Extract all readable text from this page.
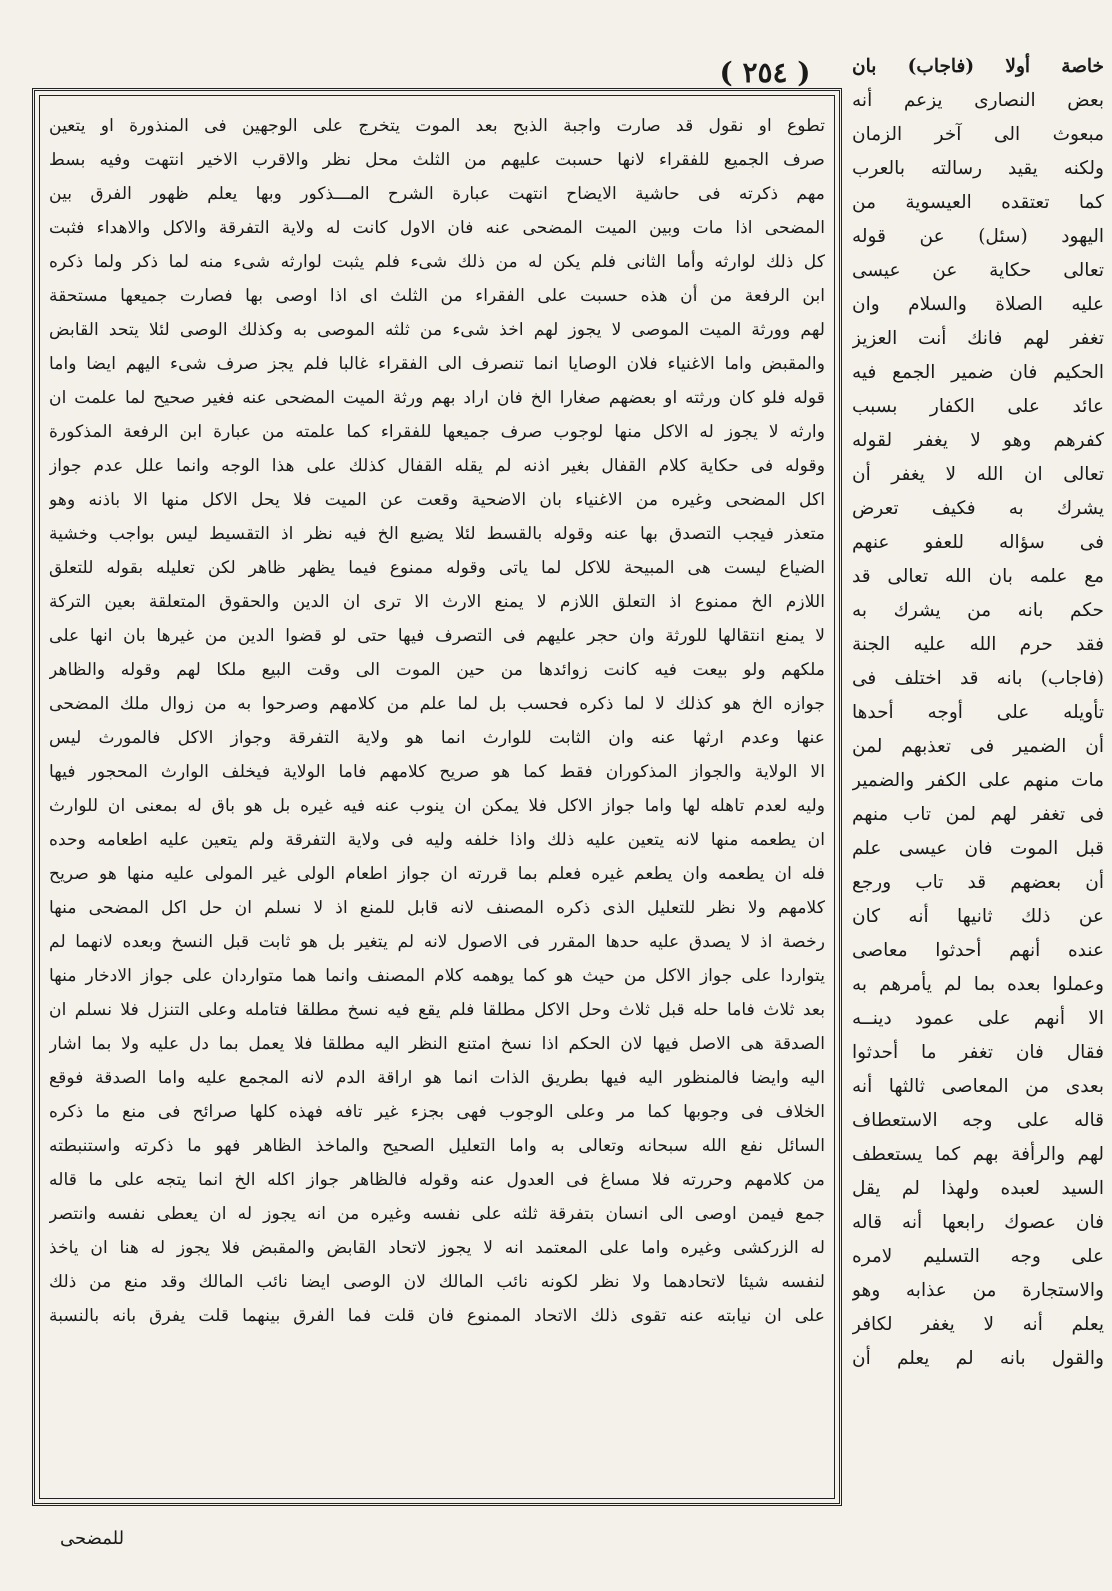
( ٢٥٤ )	خاصة أولا (فاجاب) بان
بعض النصارى يزعم أنه
مبعوث الى آخر الزمان
ولكنه يقيد رسالته بالعرب
كما تعتقده العيسوية من
اليهود (سئل) عن قوله
تعالى حكاية عن عيسى
عليه الصلاة والسلام وان
تغفر لهم فانك أنت العزيز
الحكيم فان ضمير الجمع فيه
عائد على الكفار بسبب
كفرهم وهو لا يغفر لقوله
تعالى ان الله لا يغفر أن
يشرك به فكيف تعرض
فى سؤاله للعفو عنهم
مع علمه بان الله تعالى قد
حكم بانه من يشرك به
فقد حرم الله عليه الجنة
(فاجاب) بانه قد اختلف فى
تأويله على أوجه أحدها
أن الضمير فى تعذبهم لمن
مات منهم على الكفر والضمير
فى تغفر لهم لمن تاب منهم
قبل الموت فان عيسى علم
أن بعضهم قد تاب ورجع
عن ذلك ثانيها أنه كان
عنده أنهم أحدثوا معاصى
وعملوا بعده بما لم يأمرهم به
الا أنهم على عمود دينــه
فقال فان تغفر ما أحدثوا
بعدى من المعاصى ثالثها أنه
قاله على وجه الاستعطاف
لهم والرأفة بهم كما يستعطف
السيد لعبده ولهذا لم يقل
فان عصوك رابعها أنه قاله
على وجه التسليم لامره
والاستجارة من عذابه وهو
يعلم أنه لا يغفر لكافر
والقول بانه لم يعلم أن
تطوع او نقول قد صارت واجبة الذبح بعد الموت يتخرج على الوجهين فى المنذورة او يتعين
صرف الجميع للفقراء لانها حسبت عليهم من الثلث محل نظر والاقرب الاخير انتهت وفيه بسط
مهم ذكرته فى حاشية الايضاح انتهت عبارة الشرح المـــذكور وبها يعلم ظهور الفرق بين
المضحى اذا مات وبين الميت المضحى عنه فان الاول كانت له ولاية التفرقة والاكل والاهداء فثبت
كل ذلك لوارثه وأما الثانى فلم يكن له من ذلك شىء فلم يثبت لوارثه شىء منه لما ذكر ولما ذكره
ابن الرفعة من أن هذه حسبت على الفقراء من الثلث اى اذا اوصى بها فصارت جميعها مستحقة
لهم وورثة الميت الموصى لا يجوز لهم اخذ شىء من ثلثه الموصى به وكذلك الوصى لئلا يتحد القابض
والمقبض واما الاغنياء فلان الوصايا انما تنصرف الى الفقراء غالبا فلم يجز صرف شىء اليهم ايضا واما
قوله فلو كان ورثته او بعضهم صغارا الخ فان اراد بهم ورثة الميت المضحى عنه فغير صحيح لما علمت ان
وارثه لا يجوز له الاكل منها لوجوب صرف جميعها للفقراء كما علمته من عبارة ابن الرفعة المذكورة
وقوله فى حكاية كلام القفال بغير اذنه لم يقله القفال كذلك على هذا الوجه وانما علل عدم جواز
اكل المضحى وغيره من الاغنياء بان الاضحية وقعت عن الميت فلا يحل الاكل منها الا باذنه وهو
متعذر فيجب التصدق بها عنه وقوله بالقسط لئلا يضيع الخ فيه نظر اذ التقسيط ليس بواجب وخشية
الضياع ليست هى المبيحة للاكل لما ياتى وقوله ممنوع فيما يظهر ظاهر لكن تعليله بقوله للتعلق
اللازم الخ ممنوع اذ التعلق اللازم لا يمنع الارث الا ترى ان الدين والحقوق المتعلقة بعين التركة
لا يمنع انتقالها للورثة وان حجر عليهم فى التصرف فيها حتى لو قضوا الدين من غيرها بان انها على
ملكهم ولو بيعت فيه كانت زوائدها من حين الموت الى وقت البيع ملكا لهم وقوله والظاهر
جوازه الخ هو كذلك لا لما ذكره فحسب بل لما علم من كلامهم وصرحوا به من زوال ملك المضحى
عنها وعدم ارثها عنه وان الثابت للوارث انما هو ولاية التفرقة وجواز الاكل فالمورث ليس
الا الولاية والجواز المذكوران فقط كما هو صريح كلامهم فاما الولاية فيخلف الوارث المحجور فيها
وليه لعدم تاهله لها واما جواز الاكل فلا يمكن ان ينوب عنه فيه غيره بل هو باق له بمعنى ان للوارث
ان يطعمه منها لانه يتعين عليه ذلك واذا خلفه وليه فى ولاية التفرقة ولم يتعين عليه اطعامه وحده
فله ان يطعمه وان يطعم غيره فعلم بما قررته ان جواز اطعام الولى غير المولى عليه منها هو صريح
كلامهم ولا نظر للتعليل الذى ذكره المصنف لانه قابل للمنع اذ لا نسلم ان حل اكل المضحى منها
رخصة اذ لا يصدق عليه حدها المقرر فى الاصول لانه لم يتغير بل هو ثابت قبل النسخ وبعده لانهما لم
يتواردا على جواز الاكل من حيث هو كما يوهمه كلام المصنف وانما هما متواردان على جواز الادخار منها
بعد ثلاث فاما حله قبل ثلاث وحل الاكل مطلقا فلم يقع فيه نسخ مطلقا فتامله وعلى التنزل فلا نسلم ان
الصدقة هى الاصل فيها لان الحكم اذا نسخ امتنع النظر اليه مطلقا فلا يعمل بما دل عليه ولا بما اشار
اليه وايضا فالمنظور اليه فيها بطريق الذات انما هو اراقة الدم لانه المجمع عليه واما الصدقة فوقع
الخلاف فى وجوبها كما مر وعلى الوجوب فهى بجزء غير تافه فهذه كلها صرائح فى منع ما ذكره
السائل نفع الله سبحانه وتعالى به واما التعليل الصحيح والماخذ الظاهر فهو ما ذكرته واستنبطته
من كلامهم وحررته فلا مساغ فى العدول عنه وقوله فالظاهر جواز اكله الخ انما يتجه على ما قاله
جمع فيمن اوصى الى انسان بتفرقة ثلثه على نفسه وغيره من انه يجوز له ان يعطى نفسه وانتصر
له الزركشى وغيره واما على المعتمد انه لا يجوز لاتحاد القابض والمقبض فلا يجوز له هنا ان ياخذ
لنفسه شيئا لاتحادهما ولا نظر لكونه نائب المالك لان الوصى ايضا نائب المالك وقد منع من ذلك
على ان نيابته عنه تقوى ذلك الاتحاد الممنوع فان قلت فما الفرق بينهما قلت يفرق بانه بالنسبة
للمضحى
